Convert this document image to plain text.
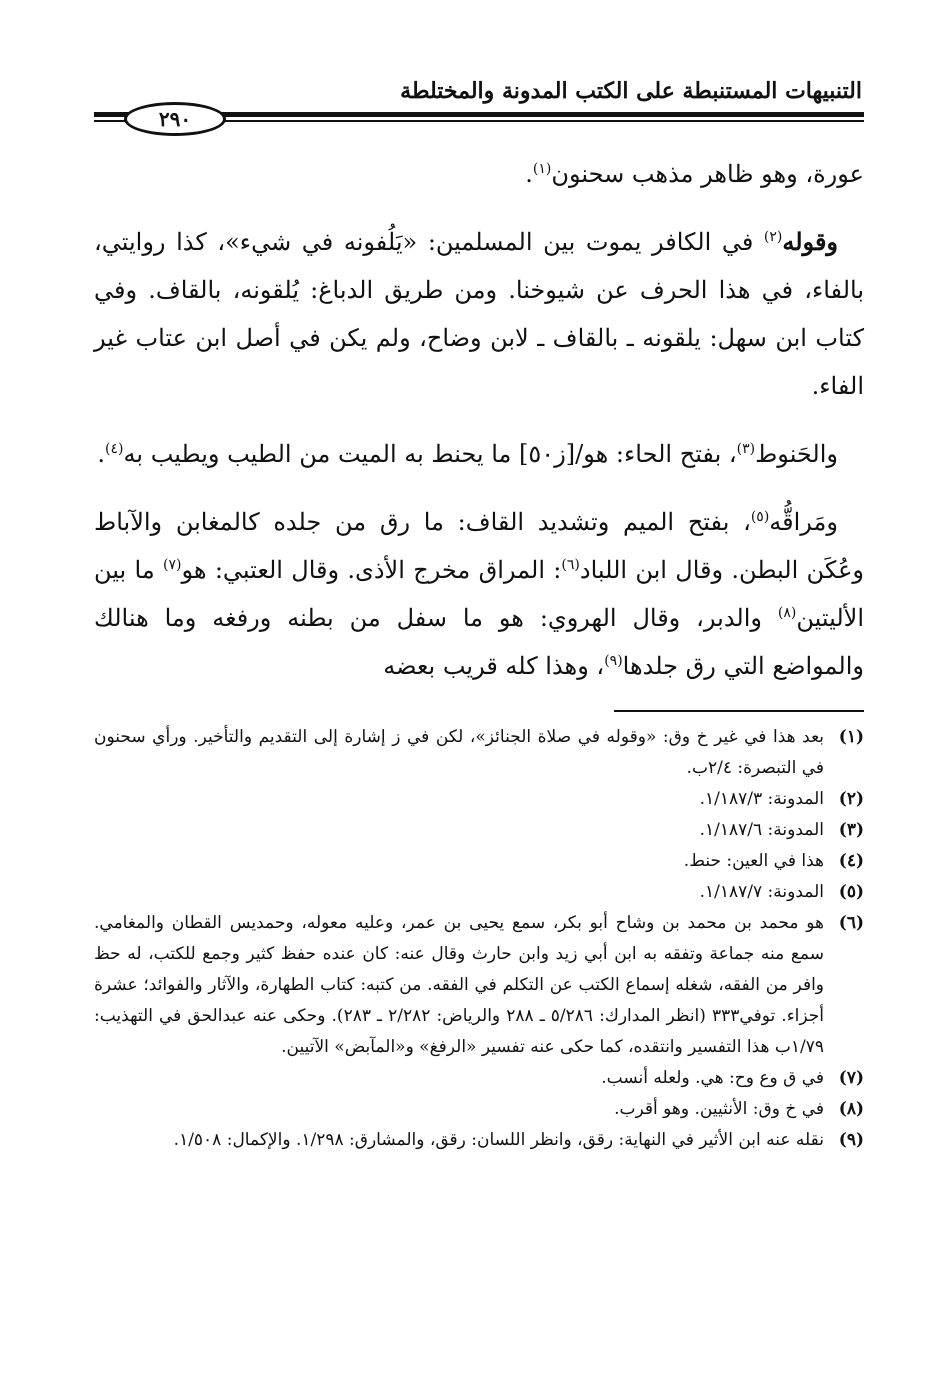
التنبيهات المستنبطة على الكتب المدونة والمختلطة
٢٩٠

عورة، وهو ظاهر مذهب سحنون$^{(١)}$.

وقوله$^{(٢)}$ في الكافر يموت بين المسلمين: «يَلُفونه في شيء»، كذا روايتي، بالفاء، في هذا الحرف عن شيوخنا. ومن طريق الدباغ: يُلقونه، بالقاف. وفي كتاب ابن سهل: يلقونه ـ بالقاف ـ لابن وضاح، ولم يكن في أصل ابن عتاب غير الفاء.

والحَنوط$^{(٣)}$، بفتح الحاء: هو/[ز٥٠] ما يحنط به الميت من الطيب ويطيب به$^{(٤)}$.

ومَراقُّه$^{(٥)}$، بفتح الميم وتشديد القاف: ما رق من جلده كالمغابن والآباط وعُكَن البطن. وقال ابن اللباد$^{(٦)}$: المراق مخرج الأذى. وقال العتبي: هو$^{(٧)}$ ما بين الأليتين$^{(٨)}$ والدبر، وقال الهروي: هو ما سفل من بطنه ورفغه وما هنالك والمواضع التي رق جلدها$^{(٩)}$، وهذا كله قريب بعضه

(١)
بعد هذا في غير خ وق: «وقوله في صلاة الجنائز»، لكن في ز إشارة إلى التقديم والتأخير. ورأي سحنون في التبصرة: ٢/٤ب.
(٢)
المدونة: ١/١٨٧/٣.
(٣)
المدونة: ١/١٨٧/٦.
(٤)
هذا في العين: حنط.
(٥)
المدونة: ١/١٨٧/٧.
(٦)
هو محمد بن محمد بن وشاح أبو بكر، سمع يحيى بن عمر، وعليه معوله، وحمديس القطان والمغامي. سمع منه جماعة وتفقه به ابن أبي زيد وابن حارث وقال عنه: كان عنده حفظ كثير وجمع للكتب، له حظ وافر من الفقه، شغله إسماع الكتب عن التكلم في الفقه. من كتبه: كتاب الطهارة، والآثار والفوائد؛ عشرة أجزاء. توفي٣٣٣ (انظر المدارك: ٥/٢٨٦ ـ ٢٨٨ والرياض: ٢/٢٨٢ ـ ٢٨٣). وحكى عنه عبدالحق في التهذيب: ١/٧٩ب هذا التفسير وانتقده، كما حكى عنه تفسير «الرفغ» و«المآبض» الآتيين.
(٧)
في ق وع وح: هي. ولعله أنسب.
(٨)
في خ وق: الأنثيين. وهو أقرب.
(٩)
نقله عنه ابن الأثير في النهاية: رقق، وانظر اللسان: رقق، والمشارق: ١/٢٩٨. والإكمال: ١/٥٠٨.
